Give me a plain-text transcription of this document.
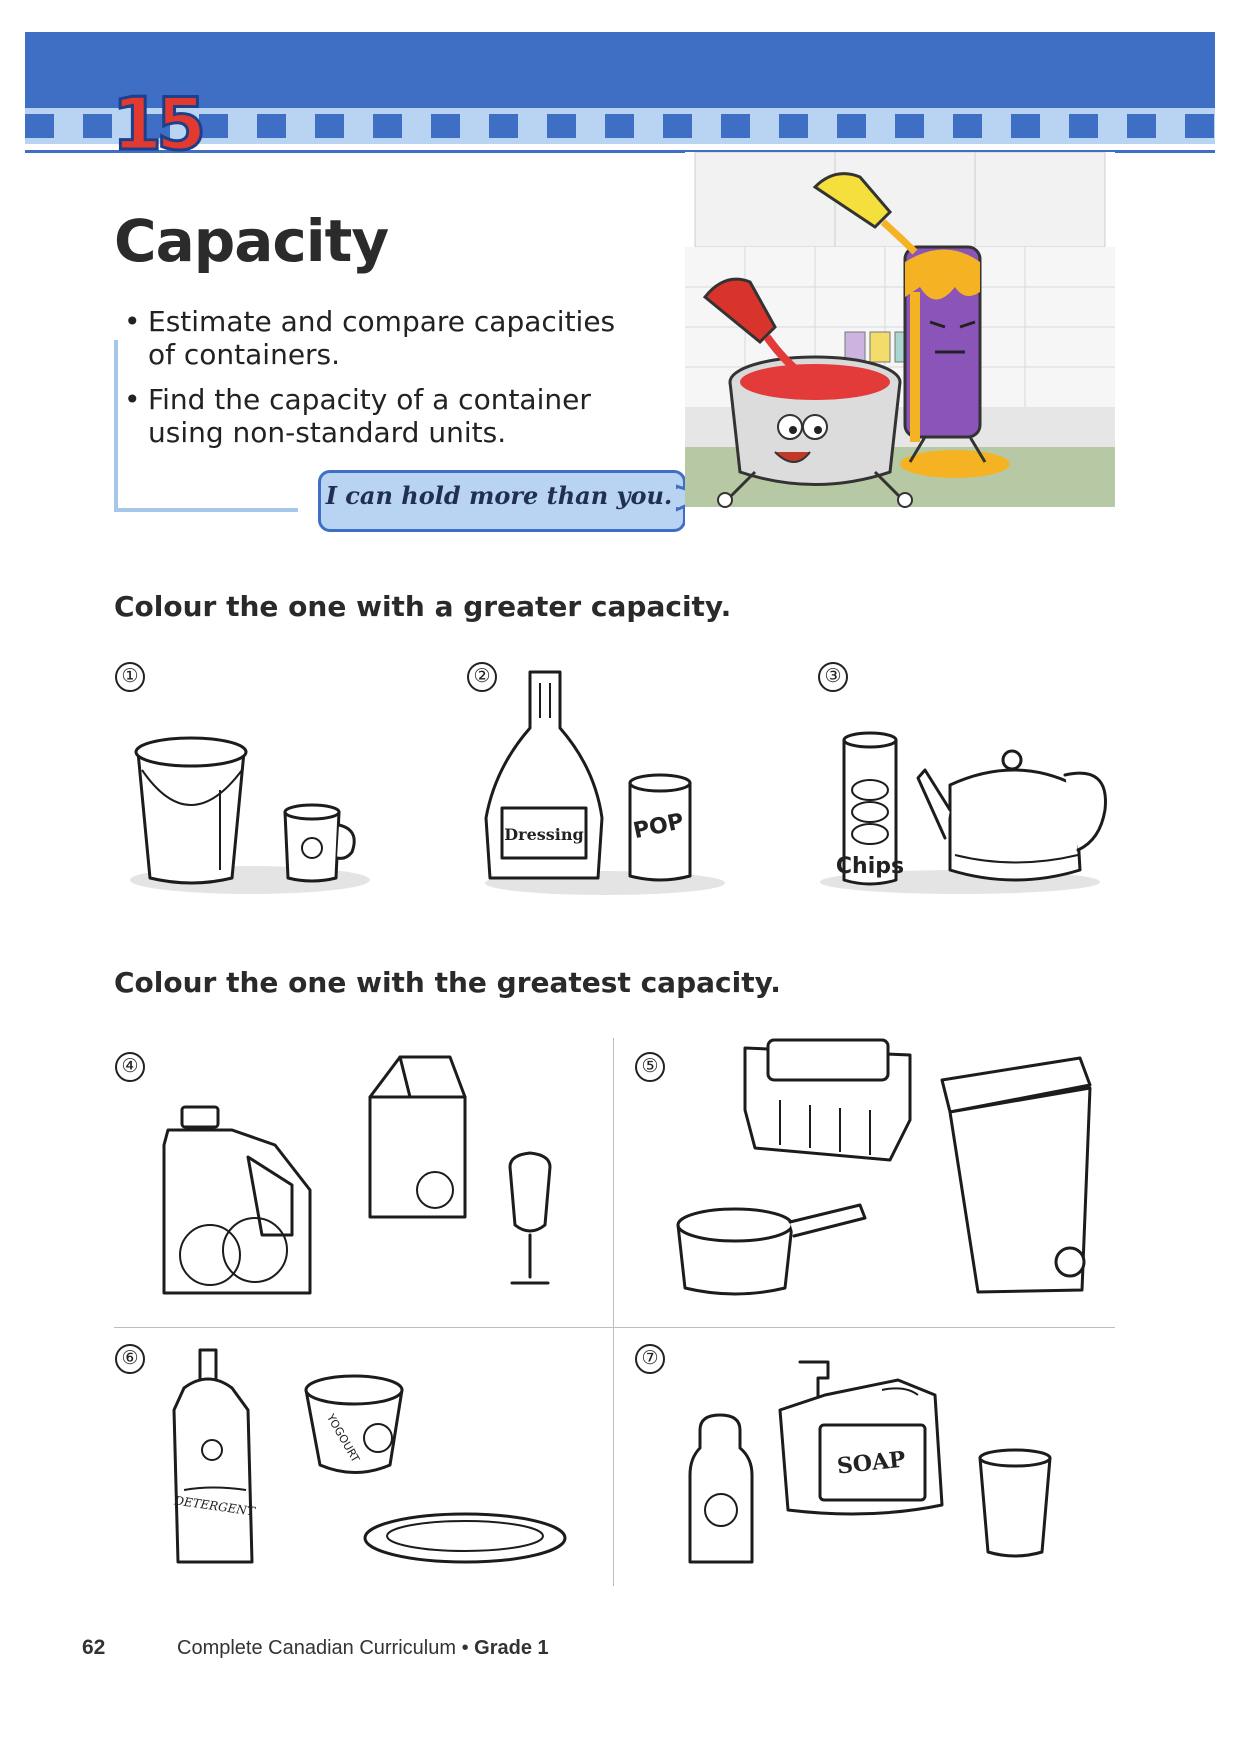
15
Capacity
• Estimate and compare capacities of containers.
• Find the capacity of a container using non-standard units.
I can hold more than you.
Colour the one with a greater capacity.
①	②	③
Dressing POP
Chips
Colour the one with the greatest capacity.
④	⑤
⑥	⑦
DETERGENT
YOGOURT	SOAP
62	Complete Canadian Curriculum • Grade 1
